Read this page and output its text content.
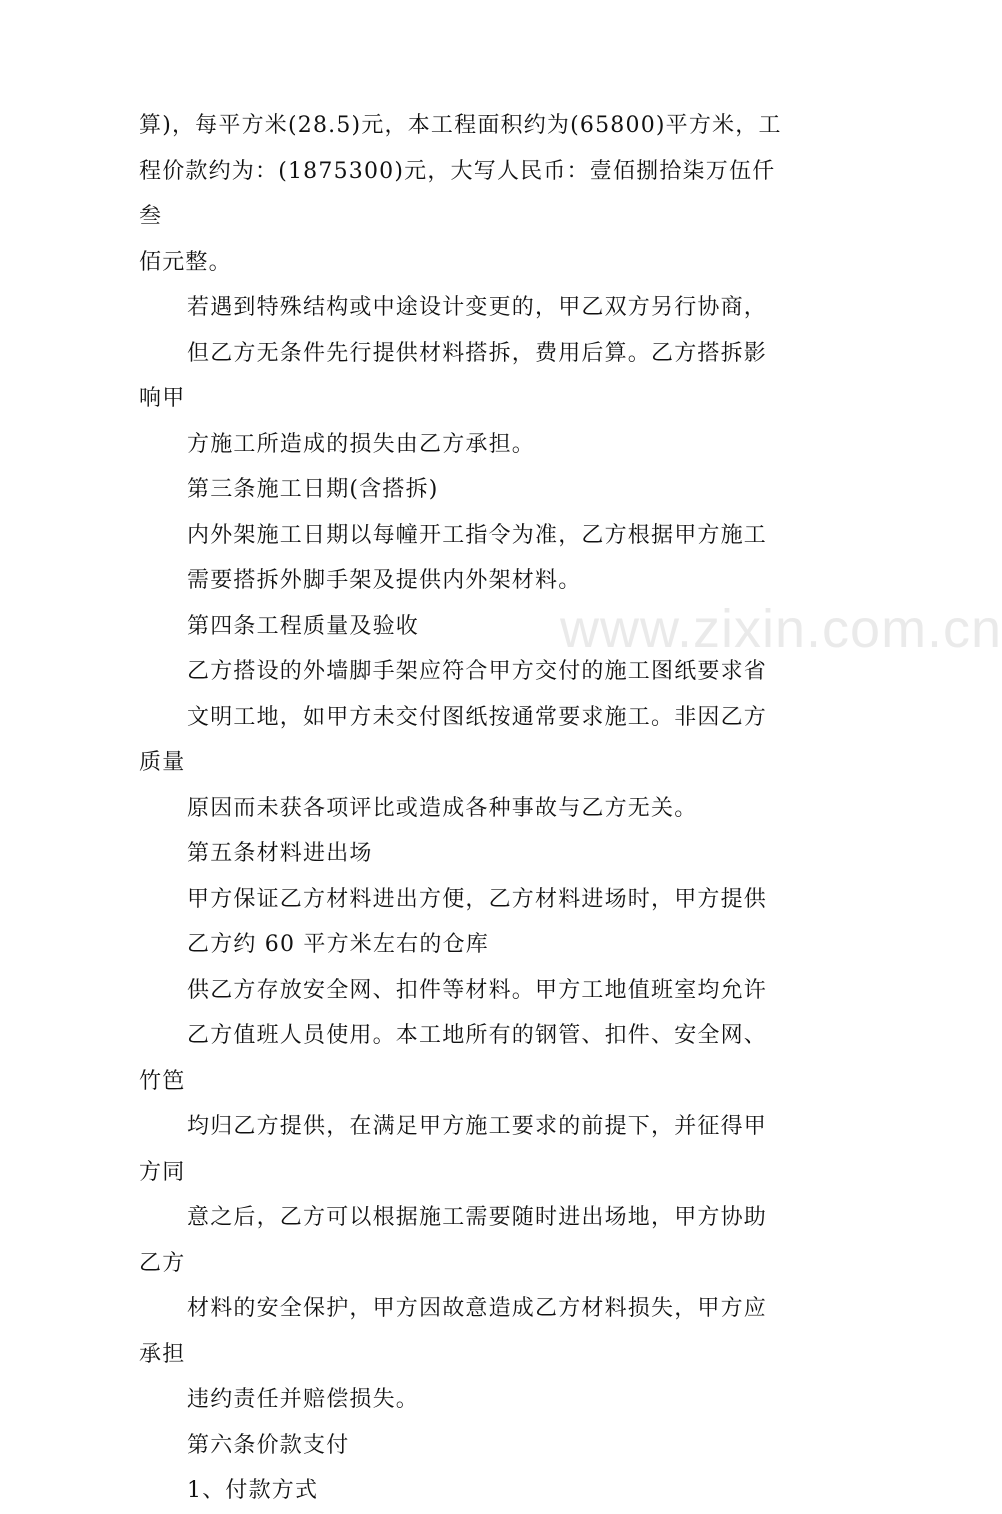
算)，每平方米(28.5)元，本工程面积约为(65800)平方米，工
程价款约为：(1875300)元，大写人民币：壹佰捌拾柒万伍仟叁
佰元整。

若遇到特殊结构或中途设计变更的，甲乙双方另行协商，
但乙方无条件先行提供材料搭拆，费用后算。乙方搭拆影响甲
方施工所造成的损失由乙方承担。

第三条施工日期(含搭拆)

内外架施工日期以每幢开工指令为准，乙方根据甲方施工
需要搭拆外脚手架及提供内外架材料。

第四条工程质量及验收

乙方搭设的外墙脚手架应符合甲方交付的施工图纸要求省
文明工地，如甲方未交付图纸按通常要求施工。非因乙方质量
原因而未获各项评比或造成各种事故与乙方无关。

第五条材料进出场

甲方保证乙方材料进出方便，乙方材料进场时，甲方提供
乙方约 60 平方米左右的仓库

供乙方存放安全网、扣件等材料。甲方工地值班室均允许
乙方值班人员使用。本工地所有的钢管、扣件、安全网、竹笆
均归乙方提供，在满足甲方施工要求的前提下，并征得甲方同
意之后，乙方可以根据施工需要随时进出场地，甲方协助乙方
材料的安全保护，甲方因故意造成乙方材料损失，甲方应承担
违约责任并赔偿损失。

第六条价款支付

1、付款方式

www.zixin.com.cn
